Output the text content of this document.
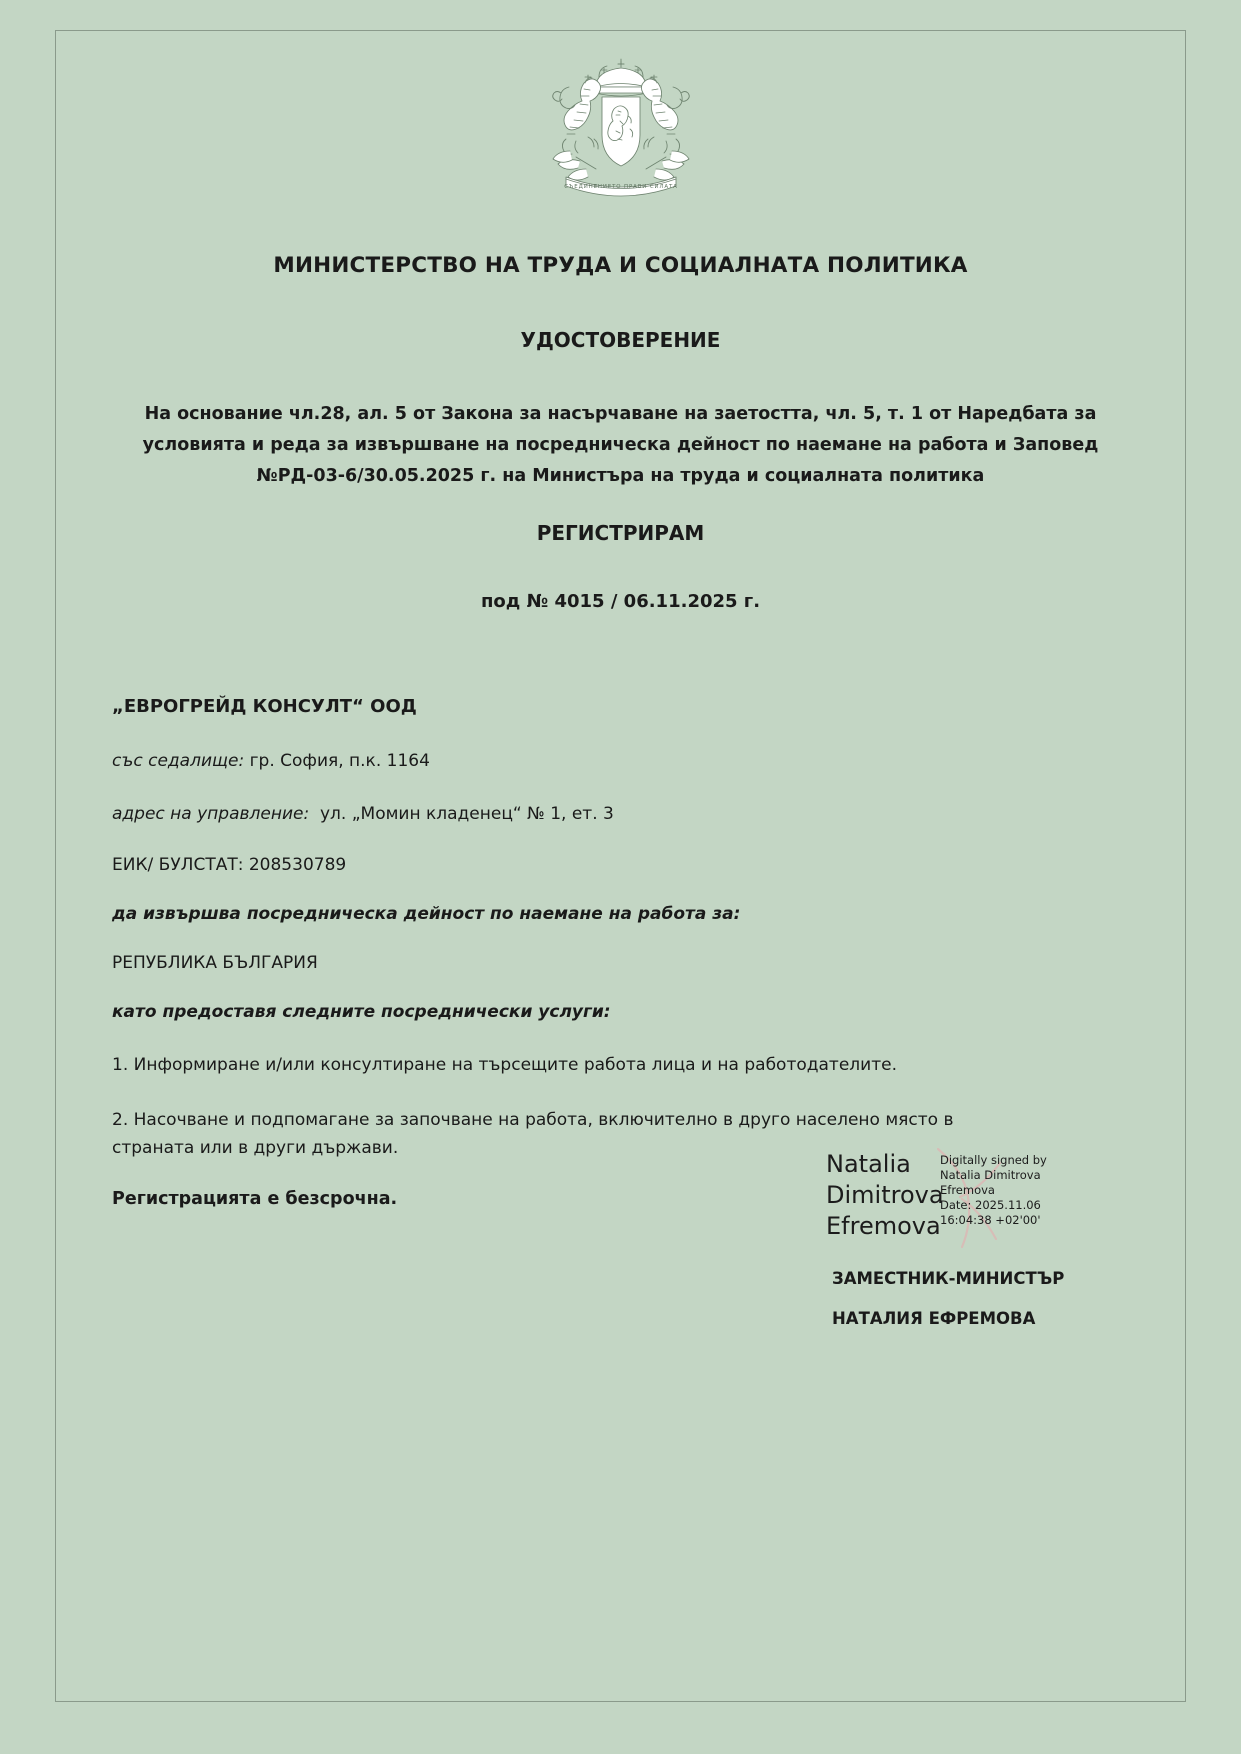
СЪЕДИНЕНИЕТО ПРАВИ СИЛАТА
МИНИСТЕРСТВО НА ТРУДА И СОЦИАЛНАТА ПОЛИТИКА
УДОСТОВЕРЕНИЕ
На основание чл.28, ал. 5 от Закона за насърчаване на заетостта, чл. 5, т. 1 от Наредбата за условията и реда за извършване на посредническа дейност по наемане на работа и Заповед №РД-03-6/30.05.2025 г. на Министъра на труда и социалната политика
РЕГИСТРИРАМ
под № 4015 / 06.11.2025 г.
„ЕВРОГРЕЙД КОНСУЛТ“ ООД
със седалище: гр. София, п.к. 1164
адрес на управление: ул. „Момин кладенец“ № 1, ет. 3
ЕИК/ БУЛСТАТ: 208530789
да извършва посредническа дейност по наемане на работа за:
РЕПУБЛИКА БЪЛГАРИЯ
като предоставя следните посреднически услуги:
1. Информиране и/или консултиране на търсещите работа лица и на работодателите.
2. Насочване и подпомагане за започване на работа, включително в друго населено място в страната или в други държави.
Регистрацията е безсрочна.
Natalia
Dimitrova
Efremova
Digitally signed by
Natalia Dimitrova
Efremova
Date: 2025.11.06
16:04:38 +02'00'
ЗАМЕСТНИК-МИНИСТЪР
НАТАЛИЯ ЕФРЕМОВА
